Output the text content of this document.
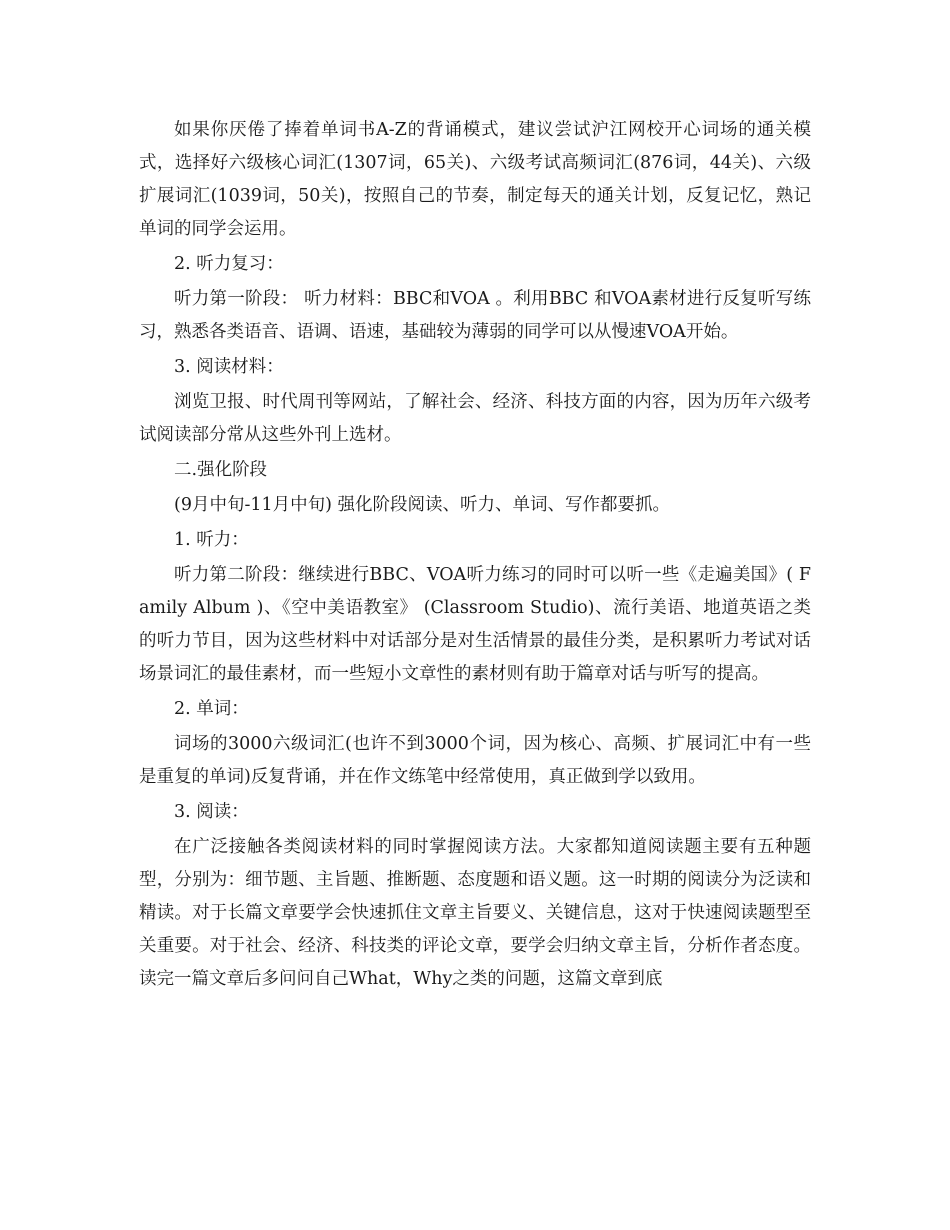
如果你厌倦了捧着单词书A-Z的背诵模式，建议尝试沪江网校开心词场的通关模式，选择好六级核心词汇(1307词，65关)、六级考试高频词汇(876词，44关)、六级扩展词汇(1039词，50关)，按照自己的节奏，制定每天的通关计划，反复记忆，熟记单词的同学会运用。

2. 听力复习：

听力第一阶段： 听力材料：BBC和VOA 。利用BBC 和VOA素材进行反复听写练习，熟悉各类语音、语调、语速，基础较为薄弱的同学可以从慢速VOA开始。

3. 阅读材料：

浏览卫报、时代周刊等网站，了解社会、经济、科技方面的内容，因为历年六级考试阅读部分常从这些外刊上选材。

二.强化阶段

(9月中旬-11月中旬) 强化阶段阅读、听力、单词、写作都要抓。

1. 听力：

听力第二阶段：继续进行BBC、VOA听力练习的同时可以听一些《走遍美国》( Family Album )、《空中美语教室》 (Classroom Studio)、流行美语、地道英语之类的听力节目，因为这些材料中对话部分是对生活情景的最佳分类，是积累听力考试对话场景词汇的最佳素材，而一些短小文章性的素材则有助于篇章对话与听写的提高。

2. 单词：

词场的3000六级词汇(也许不到3000个词，因为核心、高频、扩展词汇中有一些是重复的单词)反复背诵，并在作文练笔中经常使用，真正做到学以致用。

3. 阅读：

在广泛接触各类阅读材料的同时掌握阅读方法。大家都知道阅读题主要有五种题型，分别为：细节题、主旨题、推断题、态度题和语义题。这一时期的阅读分为泛读和精读。对于长篇文章要学会快速抓住文章主旨要义、关键信息，这对于快速阅读题型至关重要。对于社会、经济、科技类的评论文章，要学会归纳文章主旨，分析作者态度。读完一篇文章后多问问自己What，Why之类的问题，这篇文章到底
